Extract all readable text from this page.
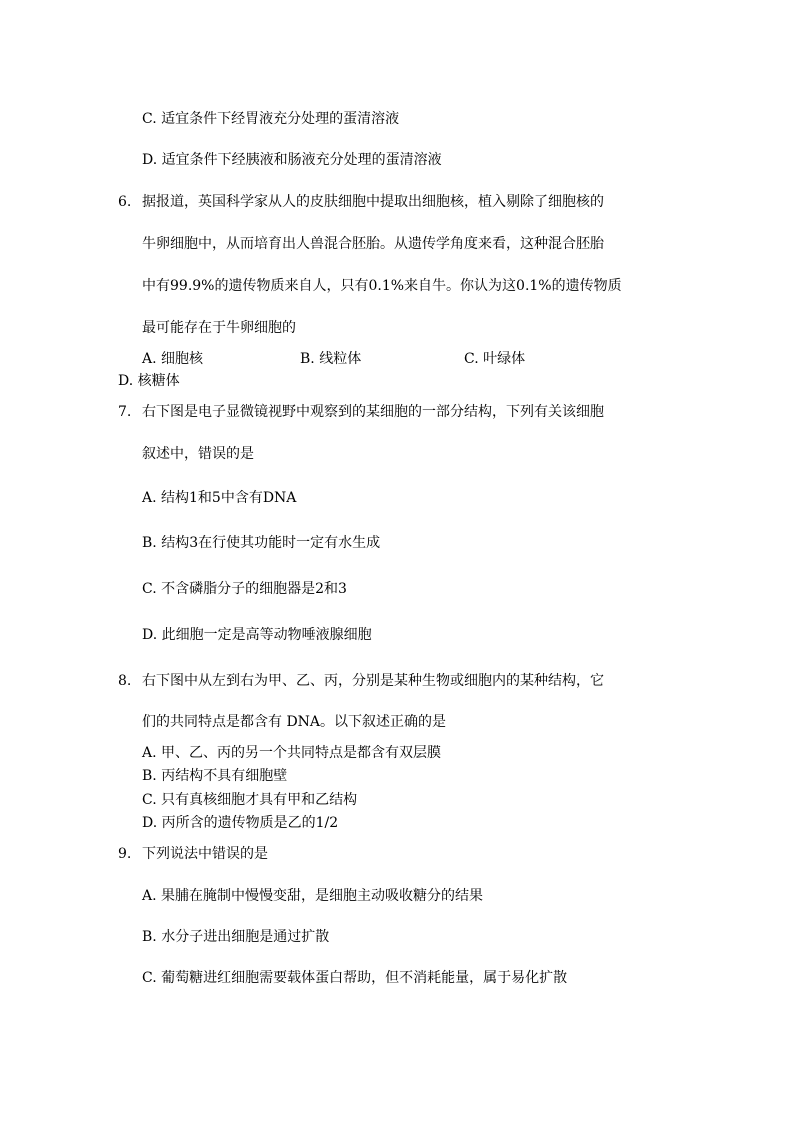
C. 适宜条件下经胃液充分处理的蛋清溶液
D. 适宜条件下经胰液和肠液充分处理的蛋清溶液
6. 据报道，英国科学家从人的皮肤细胞中提取出细胞核，植入剔除了细胞核的
牛卵细胞中，从而培育出人兽混合胚胎。从遗传学角度来看，这种混合胚胎
中有99.9%的遗传物质来自人，只有0.1%来自牛。你认为这0.1%的遗传物质
最可能存在于牛卵细胞的
A. 细胞核	B. 线粒体	C. 叶绿体
D. 核糖体
7. 右下图是电子显微镜视野中观察到的某细胞的一部分结构，下列有关该细胞
叙述中，错误的是
A. 结构1和5中含有DNA
B. 结构3在行使其功能时一定有水生成
C. 不含磷脂分子的细胞器是2和3
D. 此细胞一定是高等动物唾液腺细胞
8. 右下图中从左到右为甲、乙、丙，分别是某种生物或细胞内的某种结构，它
们的共同特点是都含有 DNA。以下叙述正确的是
A. 甲、乙、丙的另一个共同特点是都含有双层膜
B. 丙结构不具有细胞壁
C. 只有真核细胞才具有甲和乙结构
D. 丙所含的遗传物质是乙的1/2
9. 下列说法中错误的是
A. 果脯在腌制中慢慢变甜，是细胞主动吸收糖分的结果
B. 水分子进出细胞是通过扩散
C. 葡萄糖进红细胞需要载体蛋白帮助，但不消耗能量，属于易化扩散
